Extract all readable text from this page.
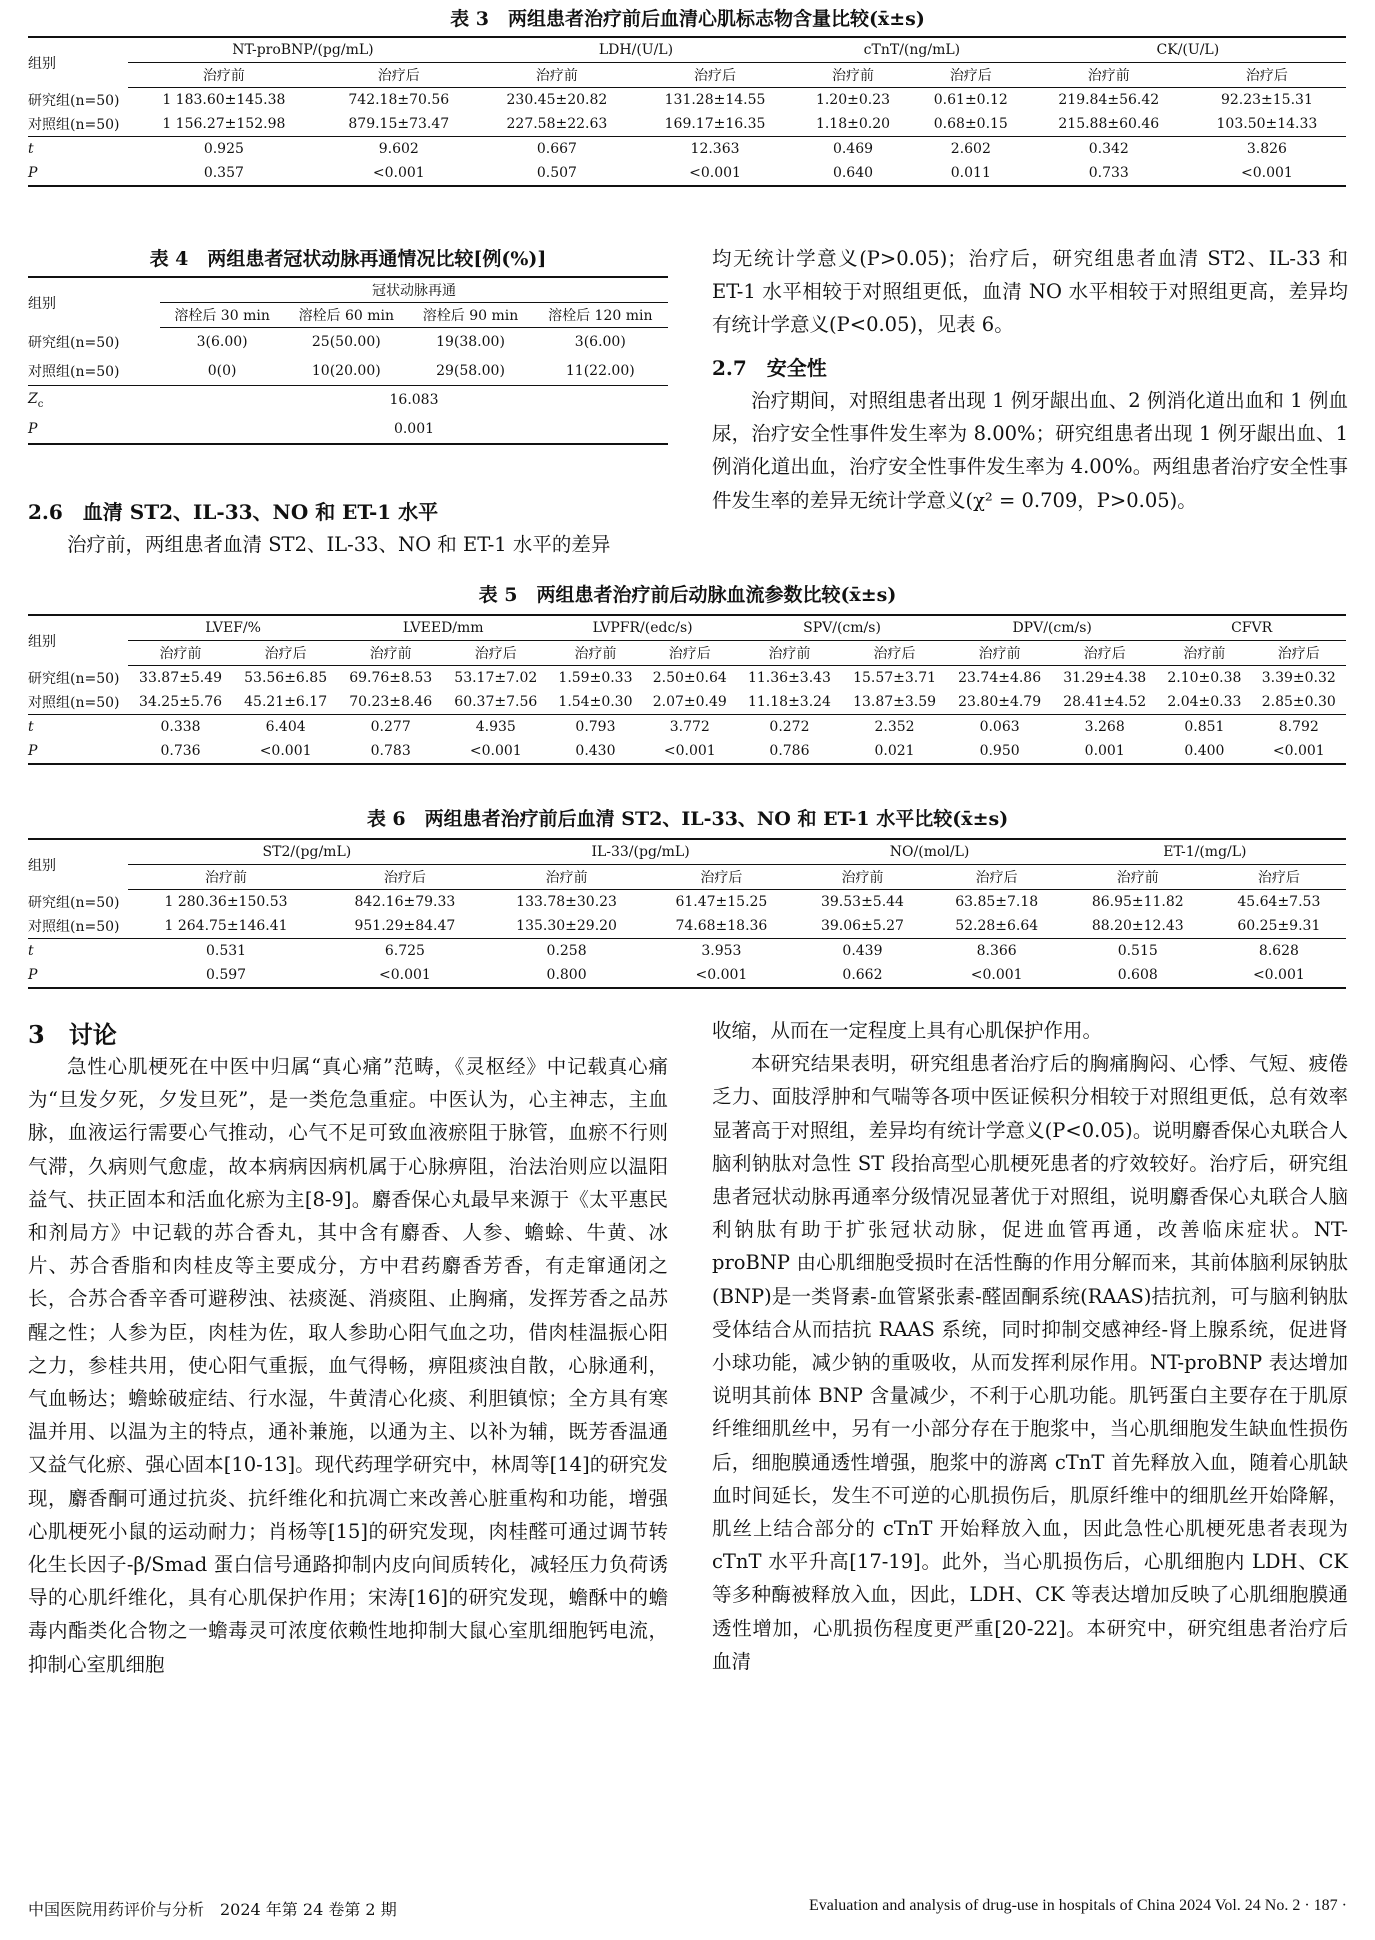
表 3　两组患者治疗前后血清心肌标志物含量比较(x̄±s)
组别	NT-proBNP/(pg/mL)		LDH/(U/L)		cTnT/(ng/mL)		CK/(U/L)	
	治疗前	治疗后	治疗前	治疗后	治疗前	治疗后	治疗前	治疗后
研究组(n=50)	1 183.60±145.38	742.18±70.56	230.45±20.82	131.28±14.55	1.20±0.23	0.61±0.12	219.84±56.42	92.23±15.31
对照组(n=50)	1 156.27±152.98	879.15±73.47	227.58±22.63	169.17±16.35	1.18±0.20	0.68±0.15	215.88±60.46	103.50±14.33
t	0.925	9.602	0.667	12.363	0.469	2.602	0.342	3.826
P	0.357	<0.001	0.507	<0.001	0.640	0.011	0.733	<0.001
表 4　两组患者冠状动脉再通情况比较[例(%)]
组别	冠状动脉再通			
	溶栓后 30 min	溶栓后 60 min	溶栓后 90 min	溶栓后 120 min
研究组(n=50)	3(6.00)	25(50.00)	19(38.00)	3(6.00)
对照组(n=50)	0(0)	10(20.00)	29(58.00)	11(22.00)
$Z_c$	16.083			
P	0.001			
2.6　血清 ST2、IL-33、NO 和 ET-1 水平

治疗前，两组患者血清 ST2、IL-33、NO 和 ET-1 水平的差异

均无统计学意义(P>0.05)；治疗后，研究组患者血清 ST2、IL-33 和 ET-1 水平相较于对照组更低，血清 NO 水平相较于对照组更高，差异均有统计学意义(P<0.05)，见表 6。

2.7　安全性

治疗期间，对照组患者出现 1 例牙龈出血、2 例消化道出血和 1 例血尿，治疗安全性事件发生率为 8.00%；研究组患者出现 1 例牙龈出血、1 例消化道出血，治疗安全性事件发生率为 4.00%。两组患者治疗安全性事件发生率的差异无统计学意义(χ² = 0.709，P>0.05)。

表 5　两组患者治疗前后动脉血流参数比较(x̄±s)
组别	LVEF/%		LVEED/mm		LVPFR/(edc/s)		SPV/(cm/s)		DPV/(cm/s)		CFVR	
	治疗前	治疗后	治疗前	治疗后	治疗前	治疗后	治疗前	治疗后	治疗前	治疗后	治疗前	治疗后
研究组(n=50)	33.87±5.49	53.56±6.85	69.76±8.53	53.17±7.02	1.59±0.33	2.50±0.64	11.36±3.43	15.57±3.71	23.74±4.86	31.29±4.38	2.10±0.38	3.39±0.32
对照组(n=50)	34.25±5.76	45.21±6.17	70.23±8.46	60.37±7.56	1.54±0.30	2.07±0.49	11.18±3.24	13.87±3.59	23.80±4.79	28.41±4.52	2.04±0.33	2.85±0.30
t	0.338	6.404	0.277	4.935	0.793	3.772	0.272	2.352	0.063	3.268	0.851	8.792
P	0.736	<0.001	0.783	<0.001	0.430	<0.001	0.786	0.021	0.950	0.001	0.400	<0.001
表 6　两组患者治疗前后血清 ST2、IL-33、NO 和 ET-1 水平比较(x̄±s)
组别	ST2/(pg/mL)		IL-33/(pg/mL)		NO/(mol/L)		ET-1/(mg/L)	
	治疗前	治疗后	治疗前	治疗后	治疗前	治疗后	治疗前	治疗后
研究组(n=50)	1 280.36±150.53	842.16±79.33	133.78±30.23	61.47±15.25	39.53±5.44	63.85±7.18	86.95±11.82	45.64±7.53
对照组(n=50)	1 264.75±146.41	951.29±84.47	135.30±29.20	74.68±18.36	39.06±5.27	52.28±6.64	88.20±12.43	60.25±9.31
t	0.531	6.725	0.258	3.953	0.439	8.366	0.515	8.628
P	0.597	<0.001	0.800	<0.001	0.662	<0.001	0.608	<0.001
3　讨论

急性心肌梗死在中医中归属“真心痛”范畴，《灵枢经》中记载真心痛为“旦发夕死，夕发旦死”，是一类危急重症。中医认为，心主神志，主血脉，血液运行需要心气推动，心气不足可致血液瘀阻于脉管，血瘀不行则气滞，久病则气愈虚，故本病病因病机属于心脉痹阻，治法治则应以温阳益气、扶正固本和活血化瘀为主[8-9]。麝香保心丸最早来源于《太平惠民和剂局方》中记载的苏合香丸，其中含有麝香、人参、蟾蜍、牛黄、冰片、苏合香脂和肉桂皮等主要成分，方中君药麝香芳香，有走窜通闭之长，合苏合香辛香可避秽浊、祛痰涎、消痰阻、止胸痛，发挥芳香之品苏醒之性；人参为臣，肉桂为佐，取人参助心阳气血之功，借肉桂温振心阳之力，参桂共用，使心阳气重振，血气得畅，痹阻痰浊自散，心脉通利，气血畅达；蟾蜍破症结、行水湿，牛黄清心化痰、利胆镇惊；全方具有寒温并用、以温为主的特点，通补兼施，以通为主、以补为辅，既芳香温通又益气化瘀、强心固本[10-13]。现代药理学研究中，林周等[14]的研究发现，麝香酮可通过抗炎、抗纤维化和抗凋亡来改善心脏重构和功能，增强心肌梗死小鼠的运动耐力；肖杨等[15]的研究发现，肉桂醛可通过调节转化生长因子-β/Smad 蛋白信号通路抑制内皮向间质转化，减轻压力负荷诱导的心肌纤维化，具有心肌保护作用；宋涛[16]的研究发现，蟾酥中的蟾毒内酯类化合物之一蟾毒灵可浓度依赖性地抑制大鼠心室肌细胞钙电流，抑制心室肌细胞

收缩，从而在一定程度上具有心肌保护作用。

本研究结果表明，研究组患者治疗后的胸痛胸闷、心悸、气短、疲倦乏力、面肢浮肿和气喘等各项中医证候积分相较于对照组更低，总有效率显著高于对照组，差异均有统计学意义(P<0.05)。说明麝香保心丸联合人脑利钠肽对急性 ST 段抬高型心肌梗死患者的疗效较好。治疗后，研究组患者冠状动脉再通率分级情况显著优于对照组，说明麝香保心丸联合人脑利钠肽有助于扩张冠状动脉，促进血管再通，改善临床症状。NT-proBNP 由心肌细胞受损时在活性酶的作用分解而来，其前体脑利尿钠肽(BNP)是一类肾素-血管紧张素-醛固酮系统(RAAS)拮抗剂，可与脑利钠肽受体结合从而拮抗 RAAS 系统，同时抑制交感神经-肾上腺系统，促进肾小球功能，减少钠的重吸收，从而发挥利尿作用。NT-proBNP 表达增加说明其前体 BNP 含量减少，不利于心肌功能。肌钙蛋白主要存在于肌原纤维细肌丝中，另有一小部分存在于胞浆中，当心肌细胞发生缺血性损伤后，细胞膜通透性增强，胞浆中的游离 cTnT 首先释放入血，随着心肌缺血时间延长，发生不可逆的心肌损伤后，肌原纤维中的细肌丝开始降解，肌丝上结合部分的 cTnT 开始释放入血，因此急性心肌梗死患者表现为 cTnT 水平升高[17-19]。此外，当心肌损伤后，心肌细胞内 LDH、CK 等多种酶被释放入血，因此，LDH、CK 等表达增加反映了心肌细胞膜通透性增加，心肌损伤程度更严重[20-22]。本研究中，研究组患者治疗后血清

中国医院用药评价与分析　2024 年第 24 卷第 2 期	Evaluation and analysis of drug-use in hospitals of China 2024 Vol. 24 No. 2 · 187 ·
